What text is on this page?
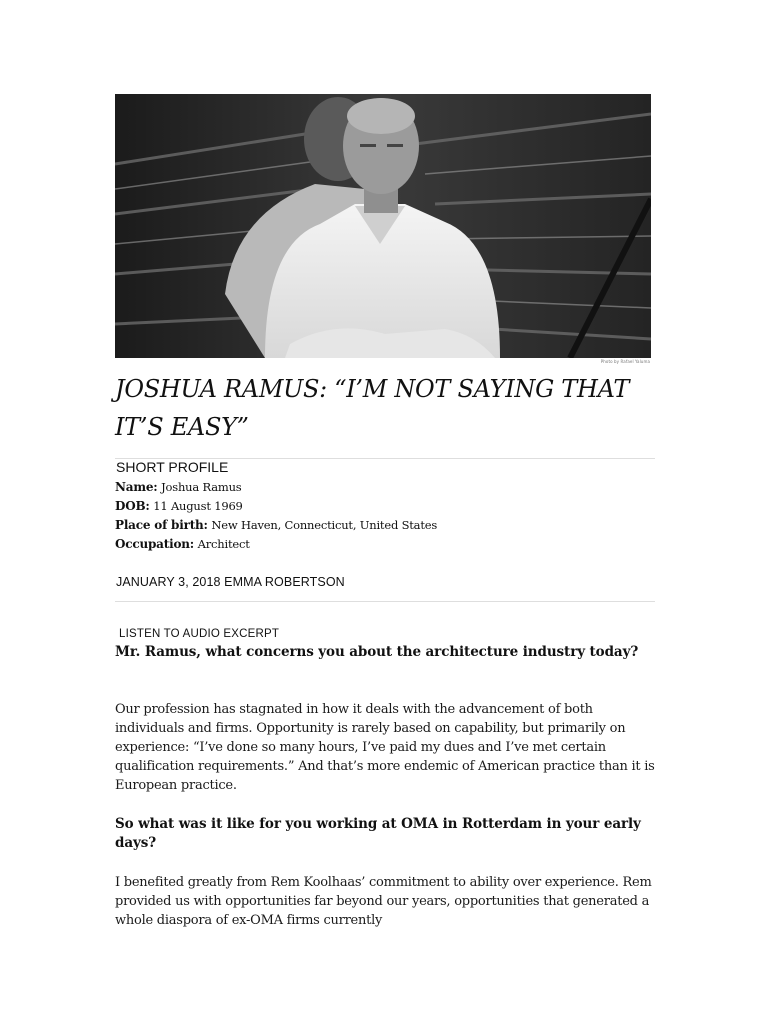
Photo by Rafael Yaluma
JOSHUA RAMUS: “I’M NOT SAYING THAT IT’S EASY”
SHORT PROFILE
Name: Joshua Ramus
DOB: 11 August 1969
Place of birth: New Haven, Connecticut, United States
Occupation: Architect
JANUARY 3, 2018 EMMA ROBERTSON
LISTEN TO AUDIO EXCERPT

Mr. Ramus, what concerns you about the architecture industry today?

Our profession has stagnated in how it deals with the advancement of both individuals and firms. Opportunity is rarely based on capability, but primarily on experience: “I’ve done so many hours, I’ve paid my dues and I’ve met certain qualification requirements.” And that’s more endemic of American practice than it is European practice.

So what was it like for you working at OMA in Rotterdam in your early days?

I benefited greatly from Rem Koolhaas’ commitment to ability over experience. Rem provided us with opportunities far beyond our years, opportunities that generated a whole diaspora of ex-OMA firms currently
